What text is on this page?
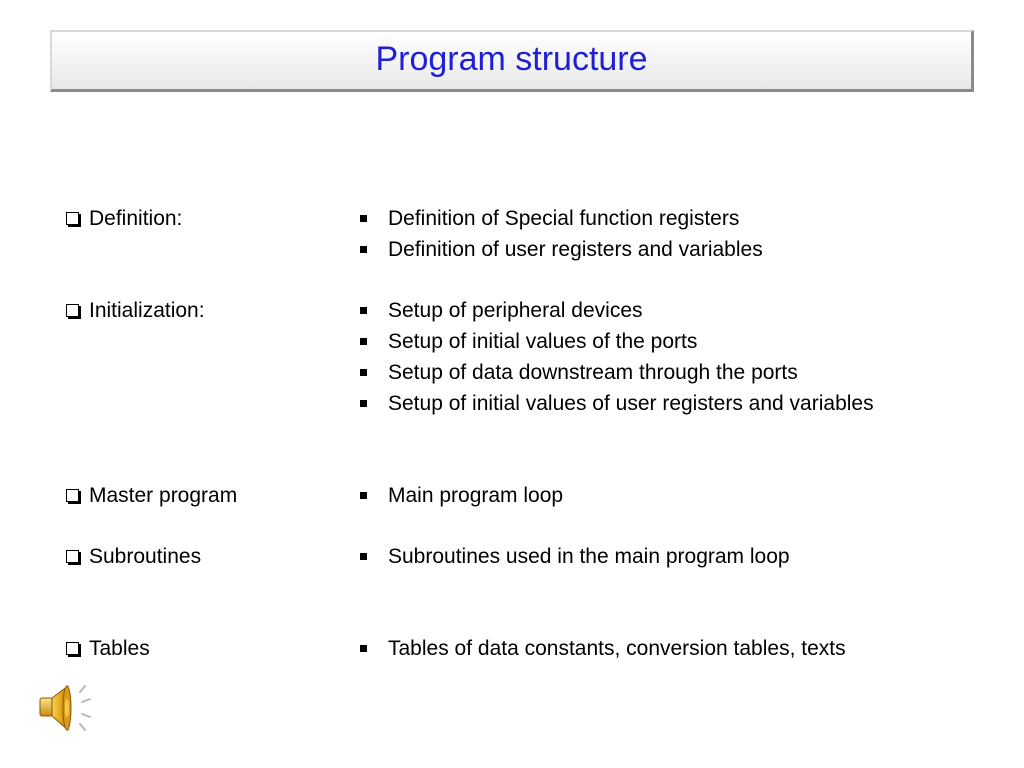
Program structure
Definition:	Definition of Special function registers
Definition of user registers and variables
Initialization:	Setup of peripheral devices
Setup of initial values of the ports
Setup of data downstream through the ports
Setup of initial values of user registers and variables
Master program	Main program loop
Subroutines	Subroutines used in the main program loop
Tables	Tables of data constants, conversion tables, texts
